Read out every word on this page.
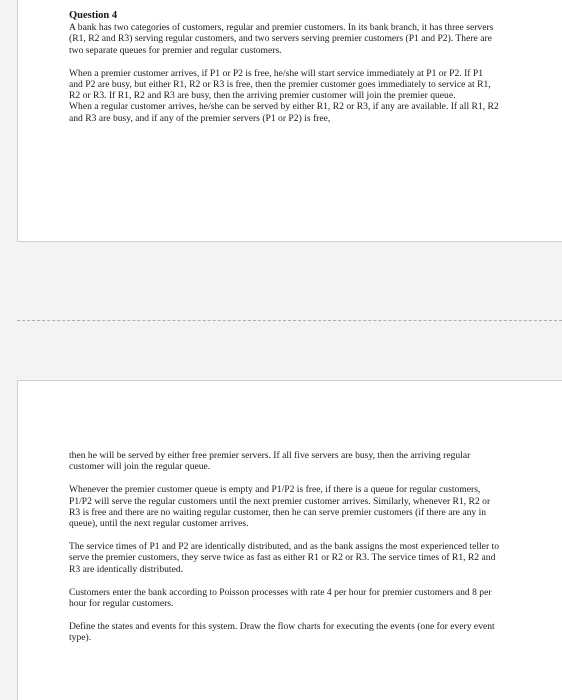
Question 4

A bank has two categories of customers, regular and premier customers. In its bank branch, it has three servers (R1, R2 and R3) serving regular customers, and two servers serving premier customers (P1 and P2). There are two separate queues for premier and regular customers.

When a premier customer arrives, if P1 or P2 is free, he/she will start service immediately at P1 or P2. If P1 and P2 are busy, but either R1, R2 or R3 is free, then the premier customer goes immediately to service at R1, R2 or R3. If R1, R2 and R3 are busy, then the arriving premier customer will join the premier queue.

When a regular customer arrives, he/she can be served by either R1, R2 or R3, if any are available. If all R1, R2 and R3 are busy, and if any of the premier servers (P1 or P2) is free,

then he will be served by either free premier servers. If all five servers are busy, then the arriving regular customer will join the regular queue.

Whenever the premier customer queue is empty and P1/P2 is free, if there is a queue for regular customers, P1/P2 will serve the regular customers until the next premier customer arrives. Similarly, whenever R1, R2 or R3 is free and there are no waiting regular customer, then he can serve premier customers (if there are any in queue), until the next regular customer arrives.

The service times of P1 and P2 are identically distributed, and as the bank assigns the most experienced teller to serve the premier customers, they serve twice as fast as either R1 or R2 or R3. The service times of R1, R2 and R3 are identically distributed.

Customers enter the bank according to Poisson processes with rate 4 per hour for premier customers and 8 per hour for regular customers.

Define the states and events for this system. Draw the flow charts for executing the events (one for every event type).
